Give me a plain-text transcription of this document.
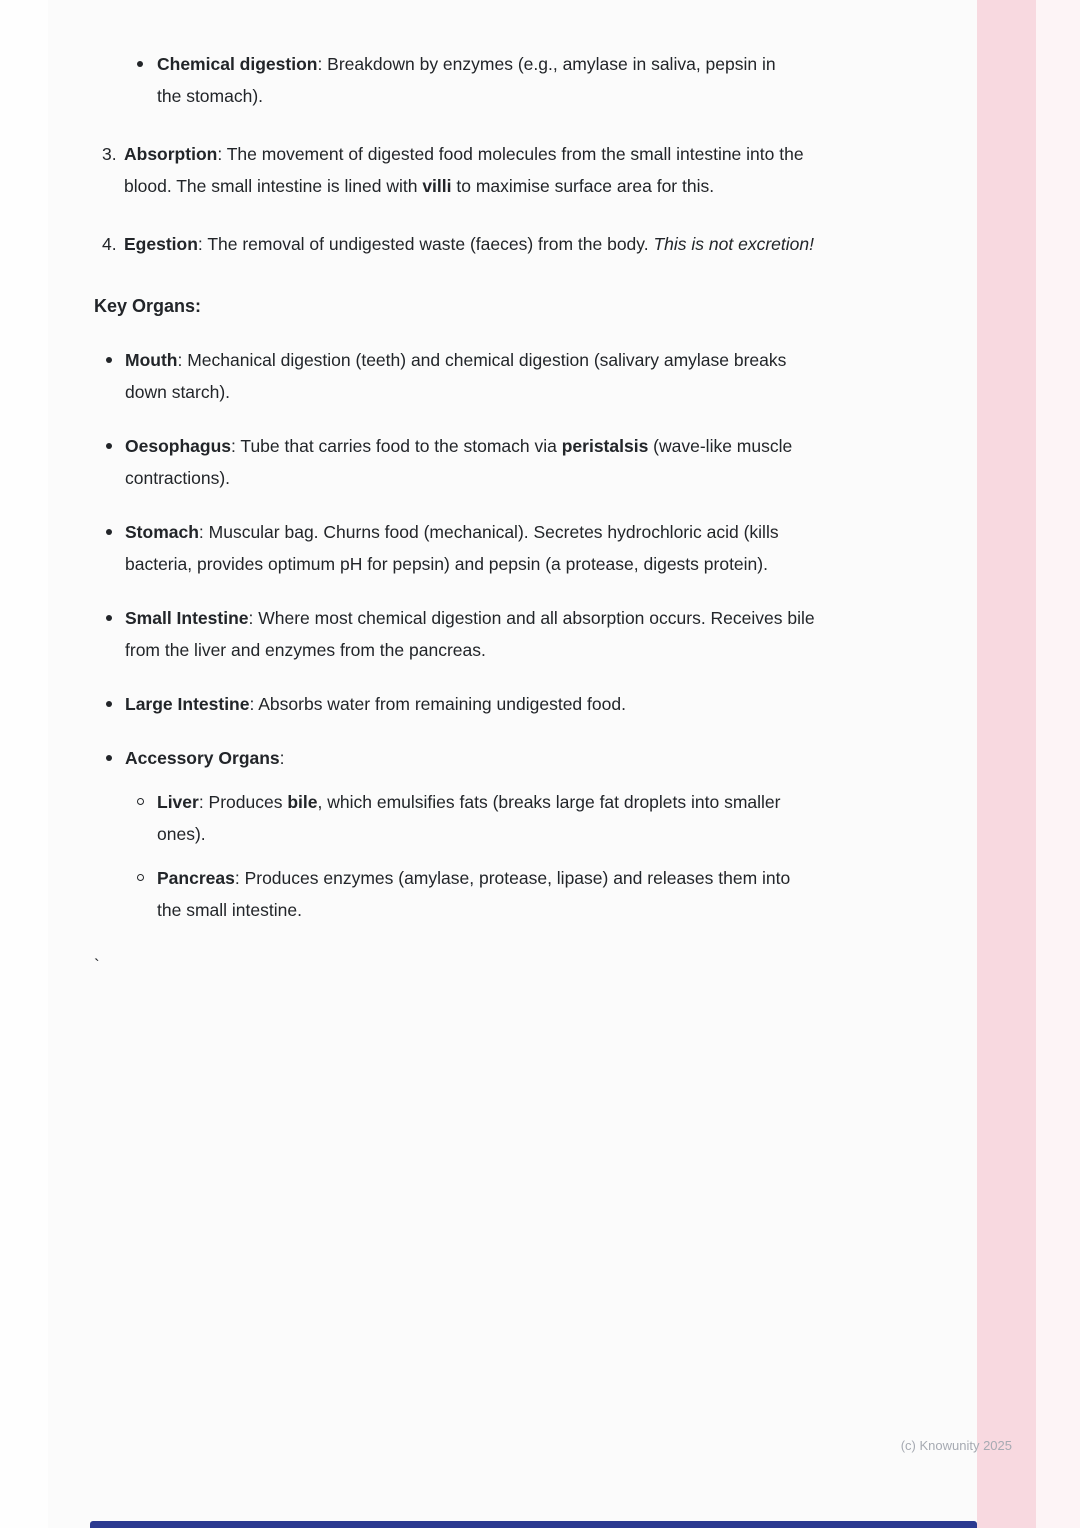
Chemical digestion: Breakdown by enzymes (e.g., amylase in saliva, pepsin in the stomach).
3. Absorption: The movement of digested food molecules from the small intestine into the blood. The small intestine is lined with villi to maximise surface area for this.
4. Egestion: The removal of undigested waste (faeces) from the body. This is not excretion!
Key Organs:
Mouth: Mechanical digestion (teeth) and chemical digestion (salivary amylase breaks down starch).
Oesophagus: Tube that carries food to the stomach via peristalsis (wave-like muscle contractions).
Stomach: Muscular bag. Churns food (mechanical). Secretes hydrochloric acid (kills bacteria, provides optimum pH for pepsin) and pepsin (a protease, digests protein).
Small Intestine: Where most chemical digestion and all absorption occurs. Receives bile from the liver and enzymes from the pancreas.
Large Intestine: Absorbs water from remaining undigested food.
Accessory Organs:
Liver: Produces bile, which emulsifies fats (breaks large fat droplets into smaller ones).
Pancreas: Produces enzymes (amylase, protease, lipase) and releases them into the small intestine.
`
(c) Knowunity 2025
